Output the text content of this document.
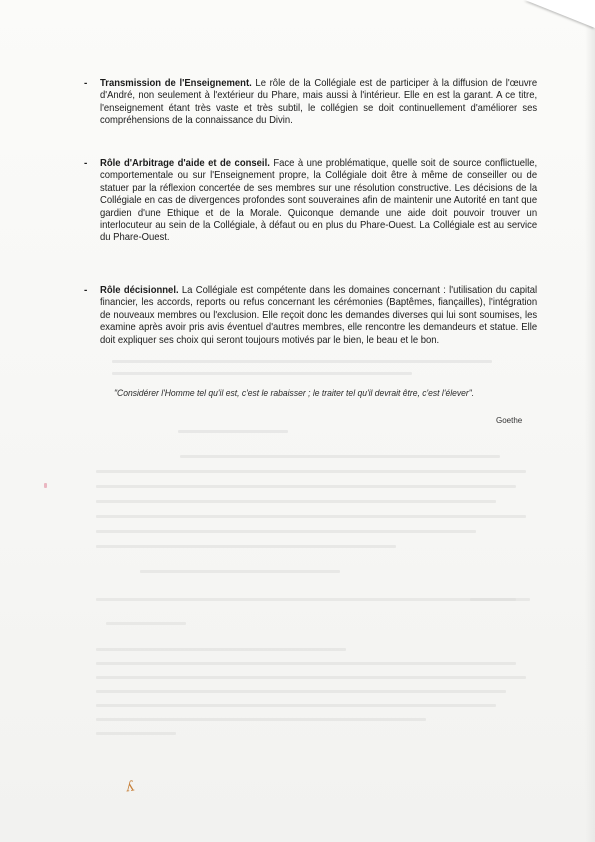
- Transmission de l'Enseignement. Le rôle de la Collégiale est de participer à la diffusion de l'œuvre d'André, non seulement à l'extérieur du Phare, mais aussi à l'intérieur. Elle en est la garant. A ce titre, l'enseignement étant très vaste et très subtil, le collégien se doit continuellement d'améliorer ses compréhensions de la connaissance du Divin.
- Rôle d'Arbitrage d'aide et de conseil. Face à une problématique, quelle soit de source conflictuelle, comportementale ou sur l'Enseignement propre, la Collégiale doit être à même de conseiller ou de statuer par la réflexion concertée de ses membres sur une résolution constructive. Les décisions de la Collégiale en cas de divergences profondes sont souveraines afin de maintenir une Autorité en tant que gardien d'une Ethique et de la Morale. Quiconque demande une aide doit pouvoir trouver un interlocuteur au sein de la Collégiale, à défaut ou en plus du Phare-Ouest. La Collégiale est au service du Phare-Ouest.
- Rôle décisionnel. La Collégiale est compétente dans les domaines concernant : l'utilisation du capital financier, les accords, reports ou refus concernant les cérémonies (Baptêmes, fiançailles), l'intégration de nouveaux membres ou l'exclusion. Elle reçoit donc les demandes diverses qui lui sont soumises, les examine après avoir pris avis éventuel d'autres membres, elle rencontre les demandeurs et statue. Elle doit expliquer ses choix qui seront toujours motivés par le bien, le beau et le bon.
"Considérer l'Homme tel qu'il est, c'est le rabaisser ; le traiter tel qu'il devrait être, c'est l'élever".
Goethe
ʎ
